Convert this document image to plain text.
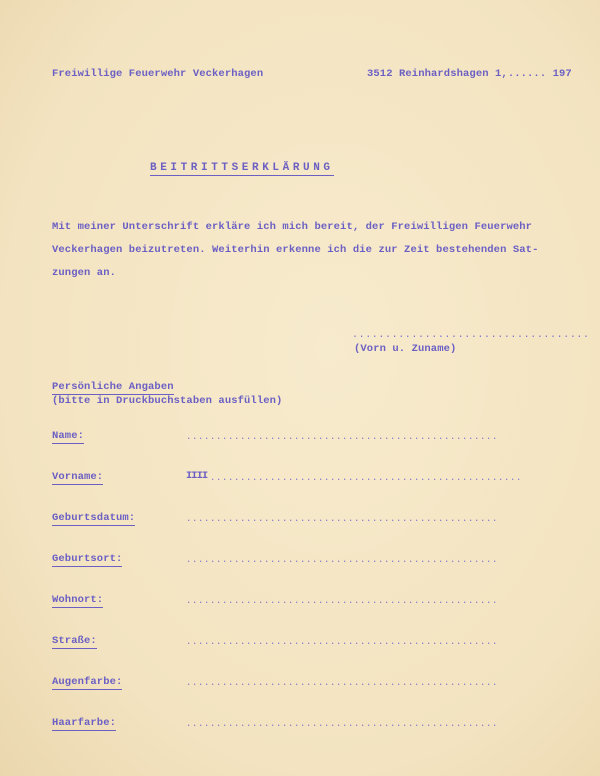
Freiwillige Feuerwehr Veckerhagen	3512 Reinhardshagen 1,...... 197
BEITRITTSERKLÄRUNG
Mit meiner Unterschrift erkläre ich mich bereit, der Freiwilligen Feuerwehr
Veckerhagen beizutreten. Weiterhin erkenne ich die zur Zeit bestehenden Sat-
zungen an.
....................................
(Vorn u. Zuname)
Persönliche Angaben
(bitte in Druckbuchstaben ausfüllen)
Name:	....................................................
Vorname:	IIII ....................................................
Geburtsdatum:	....................................................
Geburtsort:	....................................................
Wohnort:	....................................................
Straße:	....................................................
Augenfarbe:	....................................................
Haarfarbe:	....................................................
